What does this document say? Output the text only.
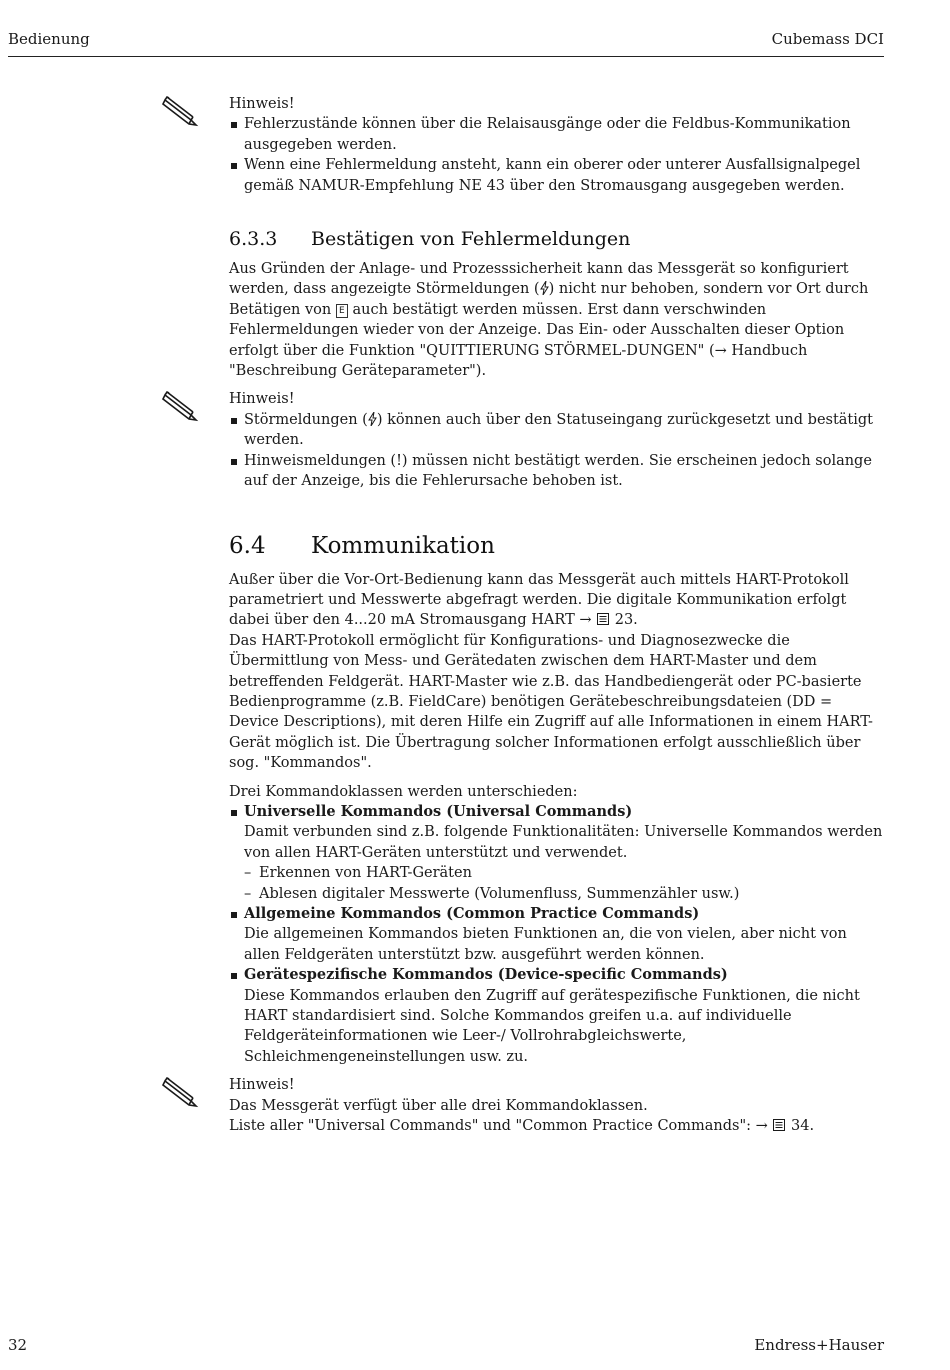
Bedienung	Cubemass DCI

Hinweis!

Fehlerzustände können über die Relaisausgänge oder die Feldbus-Kommunikation ausgegeben werden.
Wenn eine Fehlermeldung ansteht, kann ein oberer oder unterer Ausfallsignalpegel gemäß NAMUR-Empfehlung NE 43 über den Stromausgang ausgegeben werden.
6.3.3 Bestätigen von Fehlermeldungen

Aus Gründen der Anlage- und Prozesssicherheit kann das Messgerät so konfiguriert werden, dass angezeigte Störmeldungen ( ) nicht nur behoben, sondern vor Ort durch Betätigen von E auch bestätigt werden müssen. Erst dann verschwinden Fehlermeldungen wieder von der Anzeige. Das Ein- oder Ausschalten dieser Option erfolgt über die Funktion "QUITTIERUNG STÖRMEL-DUNGEN" (→ Handbuch "Beschreibung Geräteparameter").

Hinweis!

Störmeldungen ( ) können auch über den Statuseingang zurückgesetzt und bestätigt werden.
Hinweismeldungen (!) müssen nicht bestätigt werden. Sie erscheinen jedoch solange auf der Anzeige, bis die Fehlerursache behoben ist.
6.4 Kommunikation

Außer über die Vor-Ort-Bedienung kann das Messgerät auch mittels HART-Protokoll parametriert und Messwerte abgefragt werden. Die digitale Kommunikation erfolgt dabei über den 4...20 mA Stromausgang HART → 23.

Das HART-Protokoll ermöglicht für Konfigurations- und Diagnosezwecke die Übermittlung von Mess- und Gerätedaten zwischen dem HART-Master und dem betreffenden Feldgerät. HART-Master wie z.B. das Handbediengerät oder PC-basierte Bedienprogramme (z.B. FieldCare) benötigen Gerätebeschreibungsdateien (DD = Device Descriptions), mit deren Hilfe ein Zugriff auf alle Informationen in einem HART-Gerät möglich ist. Die Übertragung solcher Informationen erfolgt ausschließlich über sog. "Kommandos".

Drei Kommandoklassen werden unterschieden:

Universelle Kommandos (Universal Commands)
Damit verbunden sind z.B. folgende Funktionalitäten: Universelle Kommandos werden von allen HART-Geräten unterstützt und verwendet.
– Erkennen von HART-Geräten
– Ablesen digitaler Messwerte (Volumenfluss, Summenzähler usw.)
Allgemeine Kommandos (Common Practice Commands)
Die allgemeinen Kommandos bieten Funktionen an, die von vielen, aber nicht von allen Feldgeräten unterstützt bzw. ausgeführt werden können.
Gerätespezifische Kommandos (Device-specific Commands)
Diese Kommandos erlauben den Zugriff auf gerätespezifische Funktionen, die nicht HART standardisiert sind. Solche Kommandos greifen u.a. auf individuelle Feldgeräteinformationen wie Leer-/ Vollrohrabgleichswerte, Schleichmengeneinstellungen usw. zu.

Hinweis!

Das Messgerät verfügt über alle drei Kommandoklassen.

Liste aller "Universal Commands" und "Common Practice Commands": → 34.

32	Endress+Hauser
